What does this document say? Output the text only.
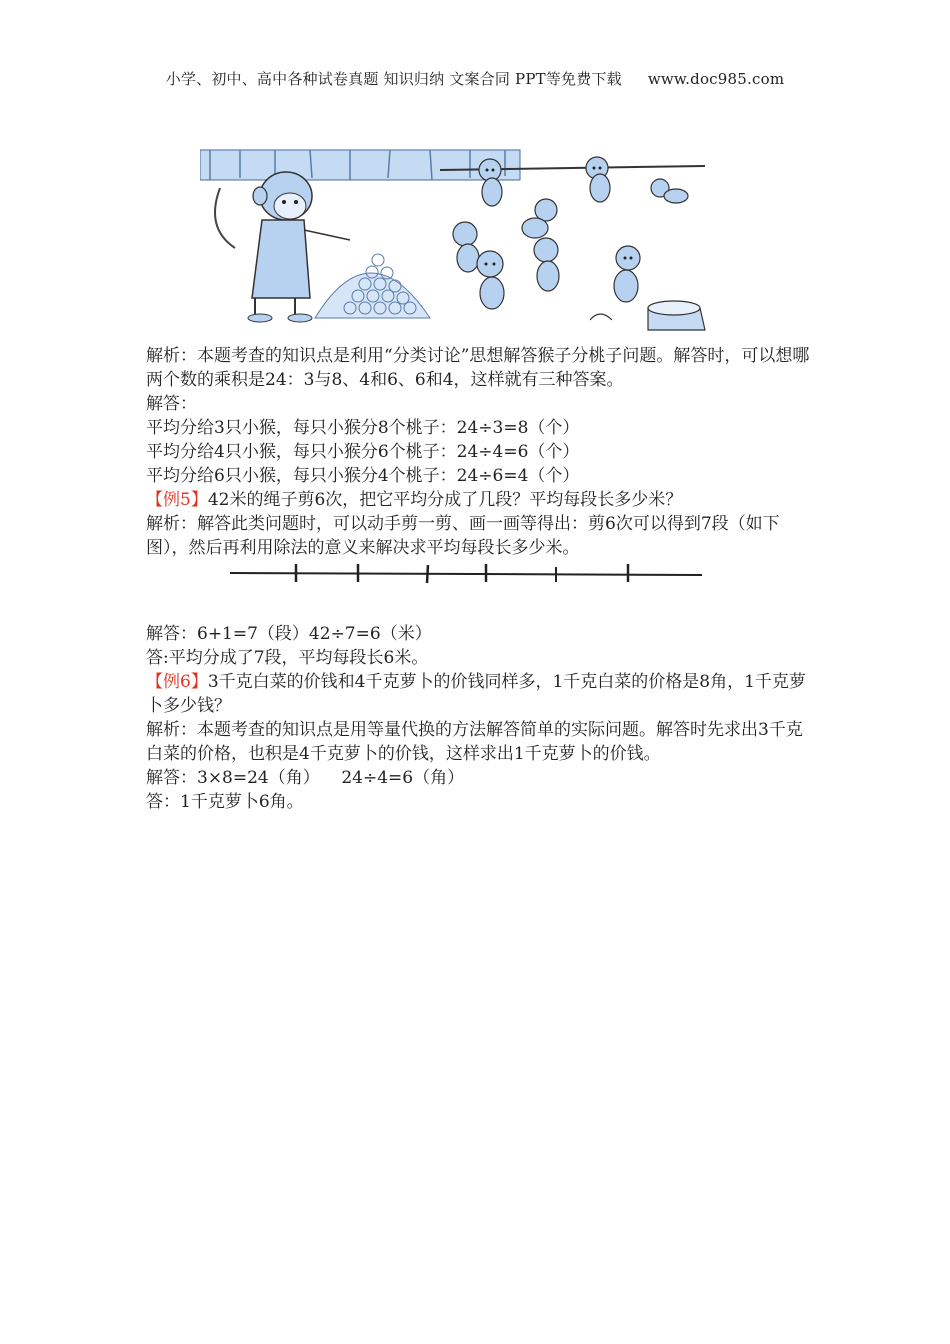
小学、初中、高中各种试卷真题 知识归纳 文案合同 PPT等免费下载 www.doc985.com

解析：本题考查的知识点是利用“分类讨论”思想解答猴子分桃子问题。解答时，可以想哪两个数的乘积是24：3与8、4和6、6和4，这样就有三种答案。

解答：

平均分给3只小猴，每只小猴分8个桃子：24÷3=8（个）

平均分给4只小猴，每只小猴分6个桃子：24÷4=6（个）

平均分给6只小猴，每只小猴分4个桃子：24÷6=4（个）

【例5】42米的绳子剪6次，把它平均分成了几段？平均每段长多少米？

解析：解答此类问题时，可以动手剪一剪、画一画等得出：剪6次可以得到7段（如下图），然后再利用除法的意义来解决求平均每段长多少米。

解答：6+1=7（段）42÷7=6（米）

答:平均分成了7段，平均每段长6米。

【例6】3千克白菜的价钱和4千克萝卜的价钱同样多，1千克白菜的价格是8角，1千克萝卜多少钱？

解析：本题考查的知识点是用等量代换的方法解答简单的实际问题。解答时先求出3千克白菜的价格，也积是4千克萝卜的价钱，这样求出1千克萝卜的价钱。

解答：3×8=24（角）    24÷4=6（角）

答：1千克萝卜6角。
